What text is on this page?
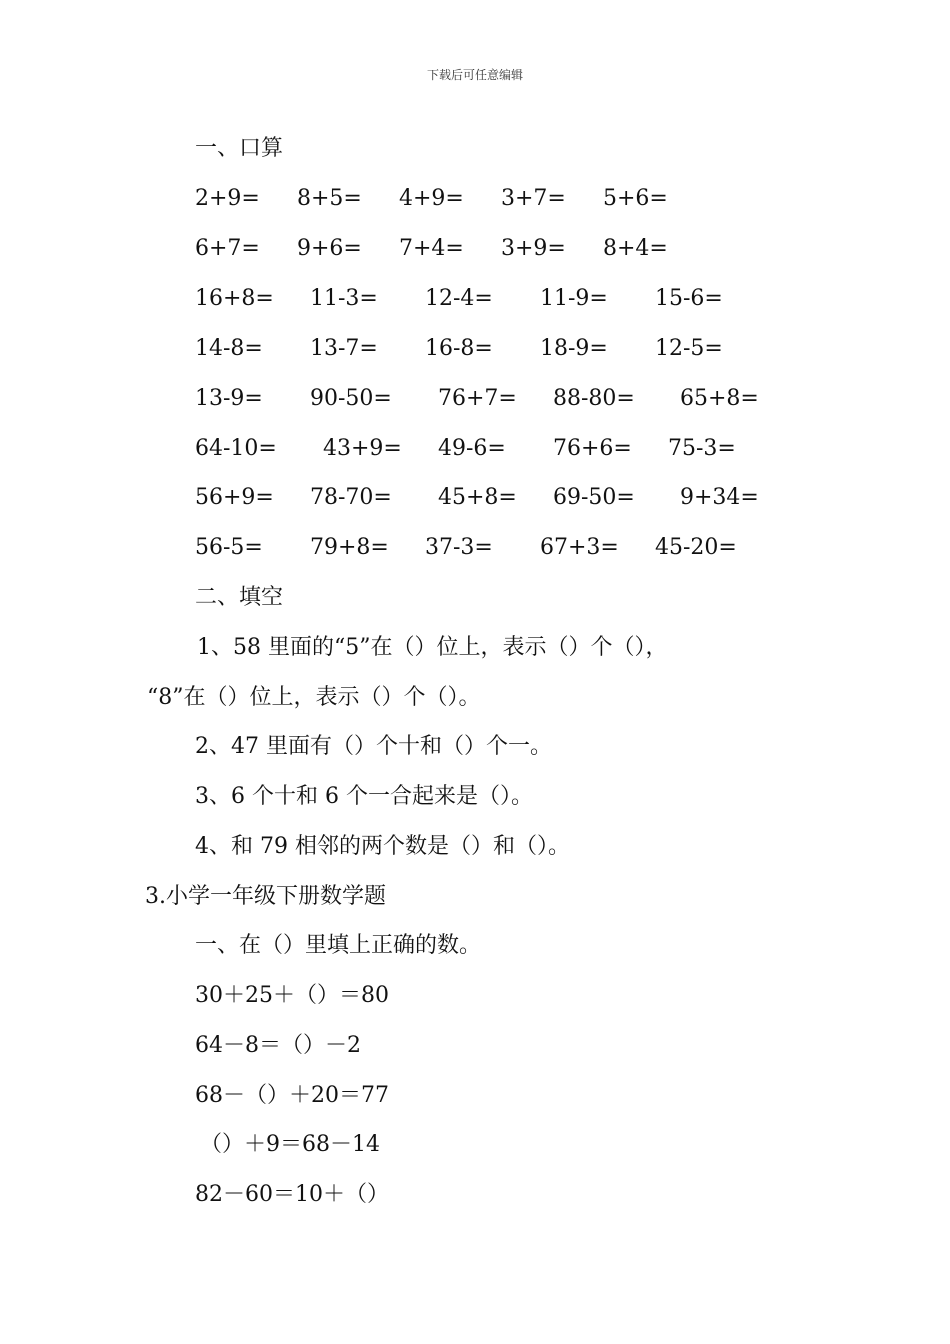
下载后可任意编辑
一、口算
2+9= 8+5= 4+9= 3+7= 5+6=
6+7= 9+6= 7+4= 3+9= 8+4=
16+8= 11-3= 12-4= 11-9= 15-6=
14-8= 13-7= 16-8= 18-9= 12-5=
13-9= 90-50= 76+7= 88-80= 65+8=
64-10= 43+9= 49-6= 76+6= 75-3=
56+9= 78-70= 45+8= 69-50= 9+34=
56-5= 79+8= 37-3= 67+3= 45-20=
二、填空
1、58 里面的“5”在（）位上，表示（）个（），
“8”在（）位上，表示（）个（）。
2、47 里面有（）个十和（）个一。
3、6 个十和 6 个一合起来是（）。
4、和 79 相邻的两个数是（）和（）。
3.小学一年级下册数学题
一、在（）里填上正确的数。
30＋25＋（）＝80
64－8＝（）－2
68－（）＋20＝77
（）＋9＝68－14
82－60＝10＋（）
